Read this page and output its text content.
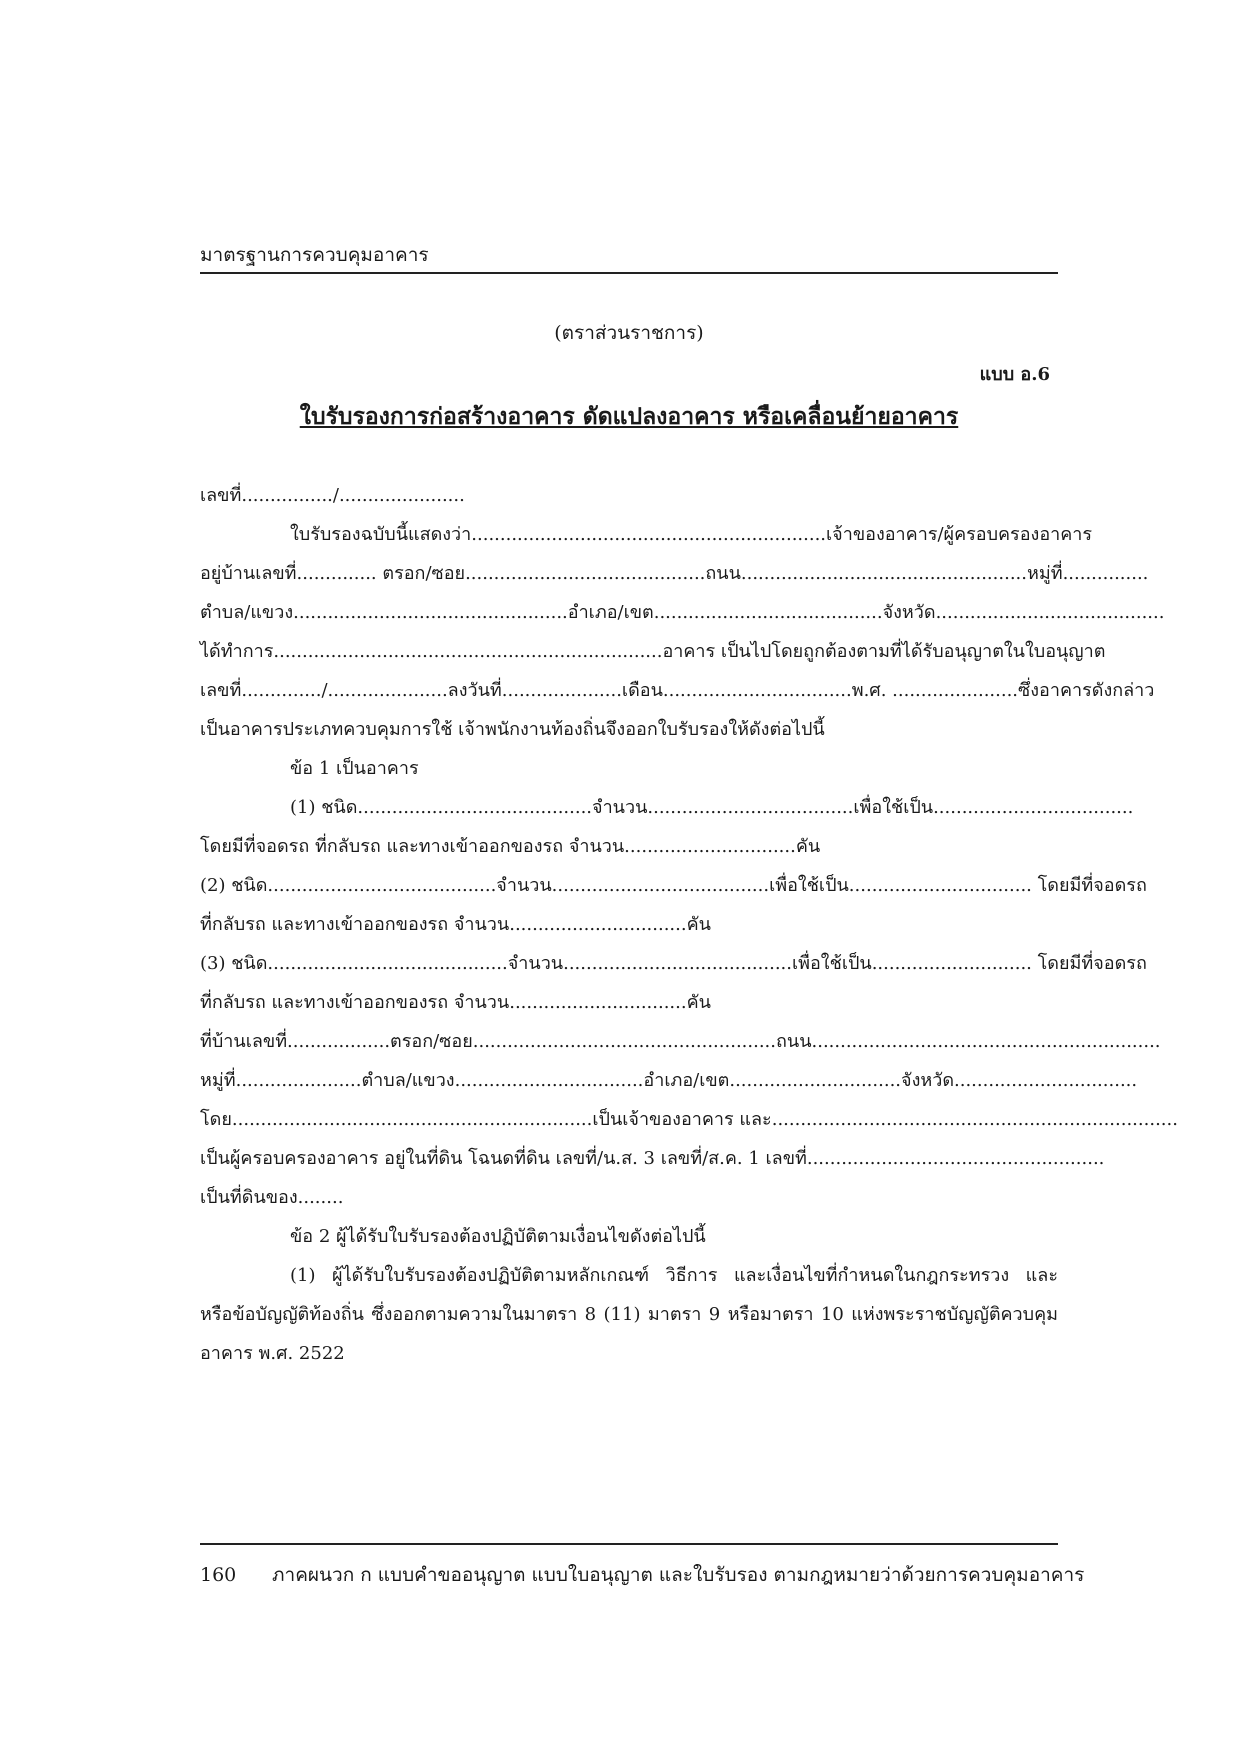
มาตรฐานการควบคุมอาคาร
(ตราส่วนราชการ)
แบบ อ.6
ใบรับรองการก่อสร้างอาคาร ดัดแปลงอาคาร หรือเคลื่อนย้ายอาคาร
เลขที่................/......................
ใบรับรองฉบับนี้แสดงว่า..............................................................เจ้าของอาคาร/ผู้ครอบครองอาคาร
อยู่บ้านเลขที่.............. ตรอก/ซอย..........................................ถนน..................................................หมู่ที่...............
ตำบล/แขวง................................................อำเภอ/เขต........................................จังหวัด........................................
ได้ทำการ....................................................................อาคาร เป็นไปโดยถูกต้องตามที่ได้รับอนุญาตในใบอนุญาต
เลขที่............../.....................ลงวันที่.....................เดือน.................................พ.ศ. ......................ซึ่งอาคารดังกล่าว
เป็นอาคารประเภทควบคุมการใช้ เจ้าพนักงานท้องถิ่นจึงออกใบรับรองให้ดังต่อไปนี้
ข้อ 1 เป็นอาคาร
(1) ชนิด.........................................จำนวน....................................เพื่อใช้เป็น...................................
โดยมีที่จอดรถ ที่กลับรถ และทางเข้าออกของรถ จำนวน..............................คัน
(2) ชนิด........................................จำนวน......................................เพื่อใช้เป็น................................ โดยมีที่จอดรถ
ที่กลับรถ และทางเข้าออกของรถ จำนวน...............................คัน
(3) ชนิด..........................................จำนวน........................................เพื่อใช้เป็น............................ โดยมีที่จอดรถ
ที่กลับรถ และทางเข้าออกของรถ จำนวน...............................คัน
ที่บ้านเลขที่..................ตรอก/ซอย.....................................................ถนน.............................................................
หมู่ที่......................ตำบล/แขวง.................................อำเภอ/เขต..............................จังหวัด................................
โดย...............................................................เป็นเจ้าของอาคาร และ.......................................................................
เป็นผู้ครอบครองอาคาร อยู่ในที่ดิน โฉนดที่ดิน เลขที่/น.ส. 3 เลขที่/ส.ค. 1 เลขที่....................................................
เป็นที่ดินของ........
ข้อ 2 ผู้ได้รับใบรับรองต้องปฏิบัติตามเงื่อนไขดังต่อไปนี้
(1) ผู้ได้รับใบรับรองต้องปฏิบัติตามหลักเกณฑ์ วิธีการ และเงื่อนไขที่กำหนดในกฎกระทรวง และ
หรือข้อบัญญัติท้องถิ่น ซึ่งออกตามความในมาตรา 8 (11) มาตรา 9 หรือมาตรา 10 แห่งพระราชบัญญัติควบคุม
อาคาร พ.ศ. 2522
160 ภาคผนวก ก แบบคำขออนุญาต แบบใบอนุญาต และใบรับรอง ตามกฎหมายว่าด้วยการควบคุมอาคาร
